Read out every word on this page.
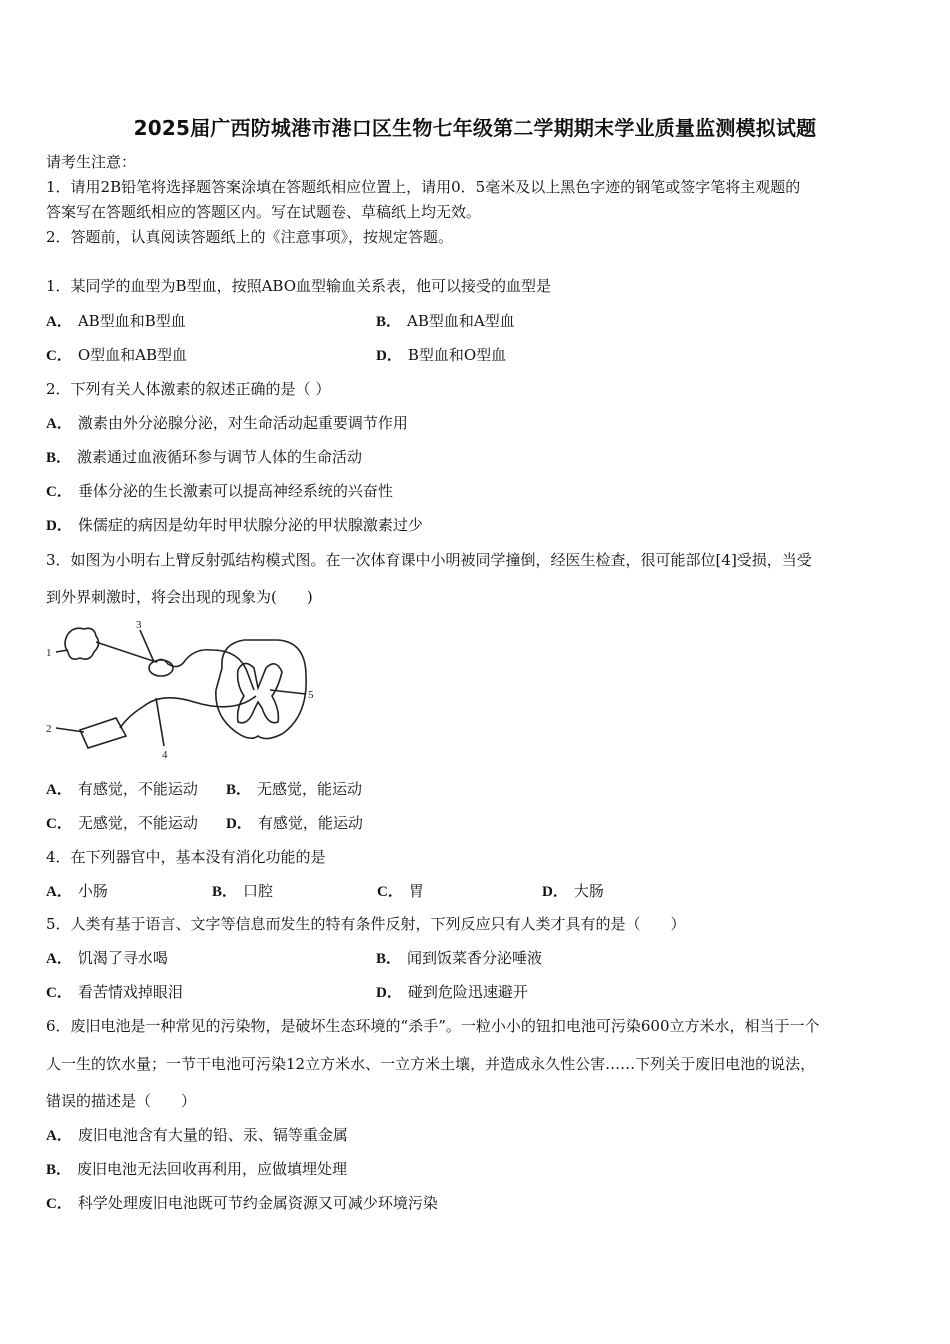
2025届广西防城港市港口区生物七年级第二学期期末学业质量监测模拟试题
请考生注意：
1．请用2B铅笔将选择题答案涂填在答题纸相应位置上，请用0．5毫米及以上黑色字迹的钢笔或签字笔将主观题的
答案写在答题纸相应的答题区内。写在试题卷、草稿纸上均无效。
2．答题前，认真阅读答题纸上的《注意事项》，按规定答题。
1．某同学的血型为B型血，按照ABO血型输血关系表，他可以接受的血型是
A． AB型血和B型血	B． AB型血和A型血
C． O型血和AB型血	D． B型血和O型血
2．下列有关人体激素的叙述正确的是（ ）
A． 激素由外分泌腺分泌，对生命活动起重要调节作用
B． 激素通过血液循环参与调节人体的生命活动
C． 垂体分泌的生长激素可以提高神经系统的兴奋性
D． 侏儒症的病因是幼年时甲状腺分泌的甲状腺激素过少
3．如图为小明右上臂反射弧结构模式图。在一次体育课中小明被同学撞倒，经医生检查，很可能部位[4]受损，当受
到外界刺激时，将会出现的现象为(　　)
1
2
3
4
5
A． 有感觉，不能运动 B． 无感觉，能运动
C． 无感觉，不能运动 D． 有感觉，能运动
4．在下列器官中，基本没有消化功能的是
A． 小肠	B． 口腔	C． 胃	D． 大肠
5．人类有基于语言、文字等信息而发生的特有条件反射，下列反应只有人类才具有的是（　　）
A． 饥渴了寻水喝	B． 闻到饭菜香分泌唾液
C． 看苦情戏掉眼泪	D． 碰到危险迅速避开
6．废旧电池是一种常见的污染物，是破坏生态环境的“杀手”。一粒小小的钮扣电池可污染600立方米水，相当于一个
人一生的饮水量；一节干电池可污染12立方米水、一立方米土壤，并造成永久性公害……下列关于废旧电池的说法，
错误的描述是（　　）
A． 废旧电池含有大量的铅、汞、镉等重金属
B． 废旧电池无法回收再利用，应做填埋处理
C． 科学处理废旧电池既可节约金属资源又可减少环境污染
